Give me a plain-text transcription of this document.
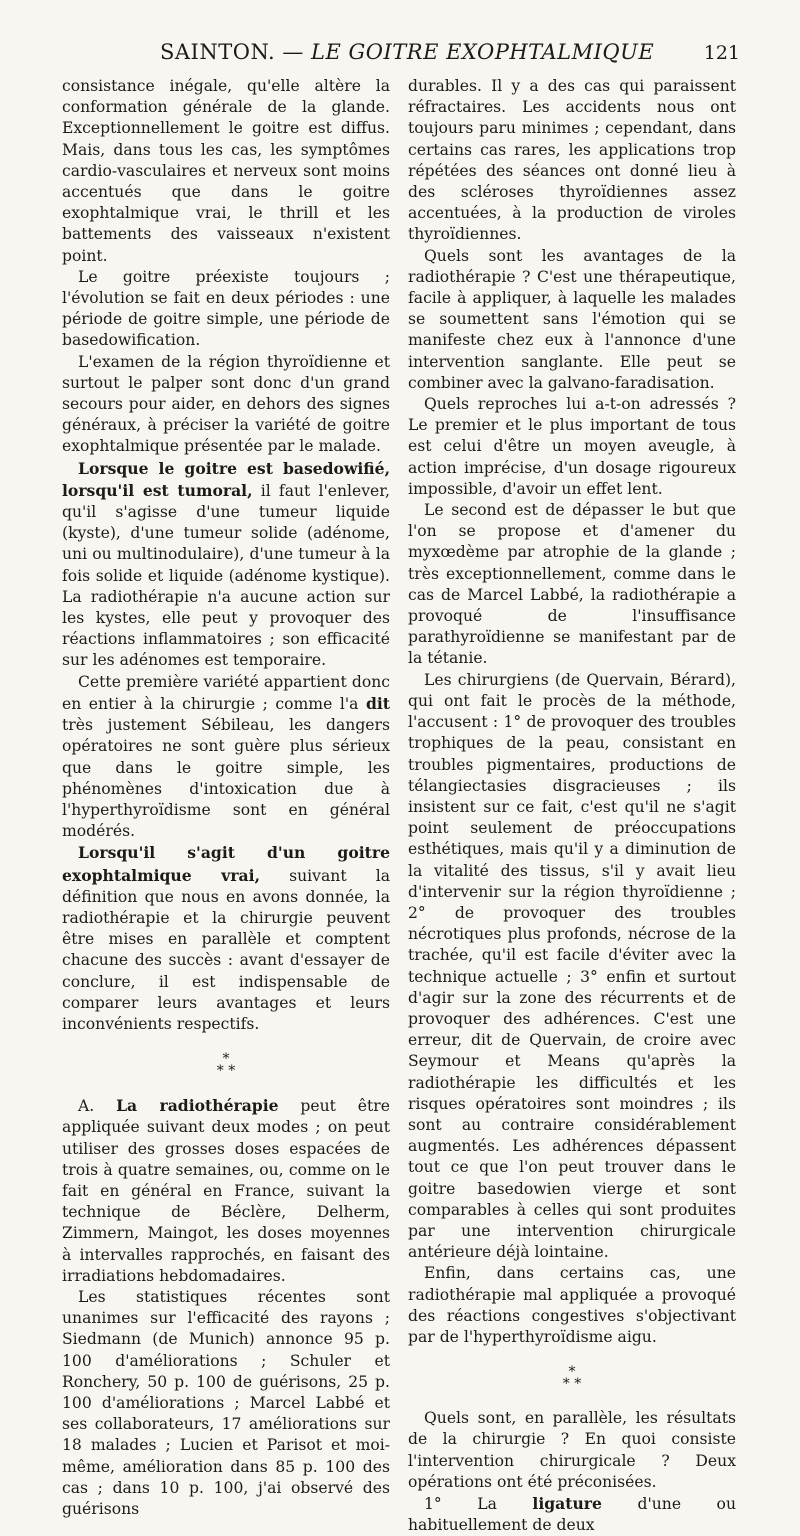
SAINTON. — LE GOITRE EXOPHTALMIQUE	121

consistance inégale, qu'elle altère la conformation générale de la glande. Exceptionnellement le goitre est diffus. Mais, dans tous les cas, les symptômes cardio-vasculaires et nerveux sont moins accentués que dans le goitre exophtalmique vrai, le thrill et les battements des vaisseaux n'existent point.

Le goitre préexiste toujours ; l'évolution se fait en deux périodes : une période de goitre simple, une période de basedowification.

L'examen de la région thyroïdienne et surtout le palper sont donc d'un grand secours pour aider, en dehors des signes généraux, à préciser la variété de goitre exophtalmique présentée par le malade.

Lorsque le goitre est basedowifié, lorsqu'il est tumoral, il faut l'enlever, qu'il s'agisse d'une tumeur liquide (kyste), d'une tumeur solide (adénome, uni ou multinodulaire), d'une tumeur à la fois solide et liquide (adénome kystique). La radiothérapie n'a aucune action sur les kystes, elle peut y provoquer des réactions inflammatoires ; son efficacité sur les adénomes est temporaire.

Cette première variété appartient donc en entier à la chirurgie ; comme l'a dit très justement Sébileau, les dangers opératoires ne sont guère plus sérieux que dans le goitre simple, les phénomènes d'intoxication due à l'hyperthyroïdisme sont en général modérés.

Lorsqu'il s'agit d'un goitre exophtalmique vrai, suivant la définition que nous en avons donnée, la radiothérapie et la chirurgie peuvent être mises en parallèle et comptent chacune des succès : avant d'essayer de conclure, il est indispensable de comparer leurs avantages et leurs inconvénients respectifs.

*
* *

A. La radiothérapie peut être appliquée suivant deux modes ; on peut utiliser des grosses doses espacées de trois à quatre semaines, ou, comme on le fait en général en France, suivant la technique de Béclère, Delherm, Zimmern, Maingot, les doses moyennes à intervalles rapprochés, en faisant des irradiations hebdomadaires.

Les statistiques récentes sont unanimes sur l'efficacité des rayons ; Siedmann (de Munich) annonce 95 p. 100 d'améliorations ; Schuler et Ronchery, 50 p. 100 de guérisons, 25 p. 100 d'améliorations ; Marcel Labbé et ses collaborateurs, 17 améliorations sur 18 malades ; Lucien et Parisot et moi-même, amélioration dans 85 p. 100 des cas ; dans 10 p. 100, j'ai observé des guérisons

durables. Il y a des cas qui paraissent réfractaires. Les accidents nous ont toujours paru minimes ; cependant, dans certains cas rares, les applications trop répétées des séances ont donné lieu à des scléroses thyroïdiennes assez accentuées, à la production de viroles thyroïdiennes.

Quels sont les avantages de la radiothérapie ? C'est une thérapeutique, facile à appliquer, à laquelle les malades se soumettent sans l'émotion qui se manifeste chez eux à l'annonce d'une intervention sanglante. Elle peut se combiner avec la galvano-faradisation.

Quels reproches lui a-t-on adressés ? Le premier et le plus important de tous est celui d'être un moyen aveugle, à action imprécise, d'un dosage rigoureux impossible, d'avoir un effet lent.

Le second est de dépasser le but que l'on se propose et d'amener du myxœdème par atrophie de la glande ; très exceptionnellement, comme dans le cas de Marcel Labbé, la radiothérapie a provoqué de l'insuffisance parathyroïdienne se manifestant par de la tétanie.

Les chirurgiens (de Quervain, Bérard), qui ont fait le procès de la méthode, l'accusent : 1° de provoquer des troubles trophiques de la peau, consistant en troubles pigmentaires, productions de télangiectasies disgracieuses ; ils insistent sur ce fait, c'est qu'il ne s'agit point seulement de préoccupations esthétiques, mais qu'il y a diminution de la vitalité des tissus, s'il y avait lieu d'intervenir sur la région thyroïdienne ; 2° de provoquer des troubles nécrotiques plus profonds, nécrose de la trachée, qu'il est facile d'éviter avec la technique actuelle ; 3° enfin et surtout d'agir sur la zone des récurrents et de provoquer des adhérences. C'est une erreur, dit de Quervain, de croire avec Seymour et Means qu'après la radiothérapie les difficultés et les risques opératoires sont moindres ; ils sont au contraire considérablement augmentés. Les adhérences dépassent tout ce que l'on peut trouver dans le goitre basedowien vierge et sont comparables à celles qui sont produites par une intervention chirurgicale antérieure déjà lointaine.

Enfin, dans certains cas, une radiothérapie mal appliquée a provoqué des réactions congestives s'objectivant par de l'hyperthyroïdisme aigu.

*
* *

Quels sont, en parallèle, les résultats de la chirurgie ? En quoi consiste l'intervention chirurgicale ? Deux opérations ont été préconisées.

1° La ligature d'une ou habituellement de deux
